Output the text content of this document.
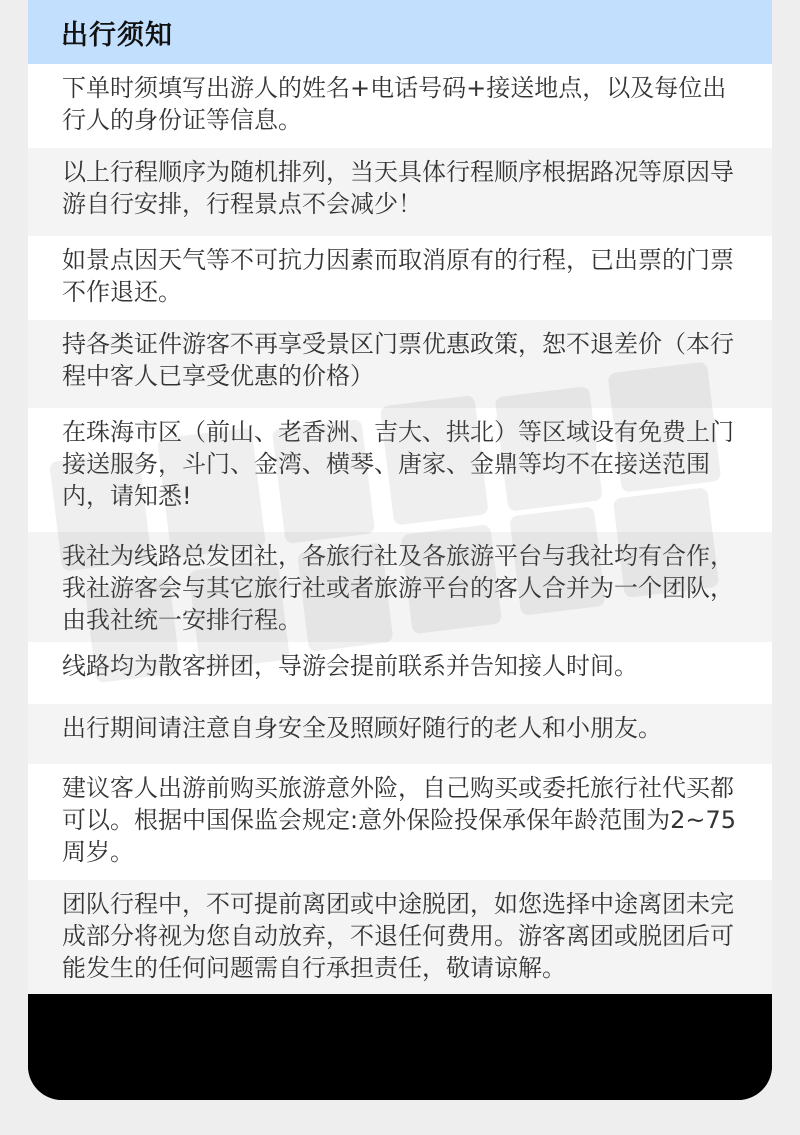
出行须知
下单时须填写出游人的姓名+电话号码+接送地点，以及每位出行人的身份证等信息。
以上行程顺序为随机排列，当天具体行程顺序根据路况等原因导游自行安排，行程景点不会减少！
如景点因天气等不可抗力因素而取消原有的行程，已出票的门票不作退还。
持各类证件游客不再享受景区门票优惠政策，恕不退差价（本行程中客人已享受优惠的价格）
在珠海市区（前山、老香洲、吉大、拱北）等区域设有免费上门接送服务，斗门、金湾、横琴、唐家、金鼎等均不在接送范围内，请知悉!
我社为线路总发团社，各旅行社及各旅游平台与我社均有合作，我社游客会与其它旅行社或者旅游平台的客人合并为一个团队，由我社统一安排行程。
线路均为散客拼团，导游会提前联系并告知接人时间。
出行期间请注意自身安全及照顾好随行的老人和小朋友。
建议客人出游前购买旅游意外险，自己购买或委托旅行社代买都可以。根据中国保监会规定:意外保险投保承保年龄范围为2~75周岁。
团队行程中，不可提前离团或中途脱团，如您选择中途离团未完成部分将视为您自动放弃，不退任何费用。游客离团或脱团后可能发生的任何问题需自行承担责任，敬请谅解。
